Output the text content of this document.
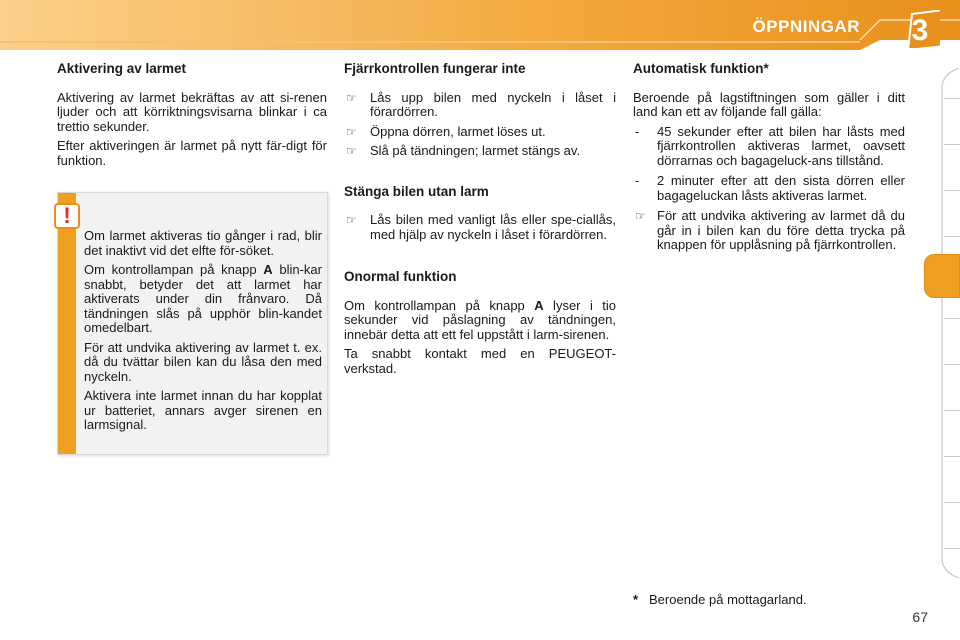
ÖPPNINGAR 3
Aktivering av larmet

Aktivering av larmet bekräftas av att si-renen ljuder och att körriktningsvisarna blinkar i ca trettio sekunder.

Efter aktiveringen är larmet på nytt fär-digt för funktion.

!

Om larmet aktiveras tio gånger i rad, blir det inaktivt vid det elfte för-söket.

Om kontrollampan på knapp A blin-kar snabbt, betyder det att larmet har aktiverats under din frånvaro. Då tändningen slås på upphör blin-kandet omedelbart.

För att undvika aktivering av larmet t. ex. då du tvättar bilen kan du låsa den med nyckeln.

Aktivera inte larmet innan du har kopplat ur batteriet, annars avger sirenen en larmsignal.

Fjärrkontrollen fungerar inte
☞ Lås upp bilen med nyckeln i låset i förardörren.
☞ Öppna dörren, larmet löses ut.
☞ Slå på tändningen; larmet stängs av.
Stänga bilen utan larm
☞ Lås bilen med vanligt lås eller spe-ciallås, med hjälp av nyckeln i låset i förardörren.
Onormal funktion

Om kontrollampan på knapp A lyser i tio sekunder vid påslagning av tändningen, innebär detta att ett fel uppstått i larm-sirenen.

Ta snabbt kontakt med en PEUGEOT-verkstad.

Automatisk funktion*

Beroende på lagstiftningen som gäller i ditt land kan ett av följande fall gälla:

- 45 sekunder efter att bilen har låsts med fjärrkontrollen aktiveras larmet, oavsett dörrarnas och bagageluck-ans tillstånd.
- 2 minuter efter att den sista dörren eller bagageluckan låsts aktiveras larmet.
☞ För att undvika aktivering av larmet då du går in i bilen kan du före detta trycka på knappen för upplåsning på fjärrkontrollen.
* Beroende på mottagarland.
67
